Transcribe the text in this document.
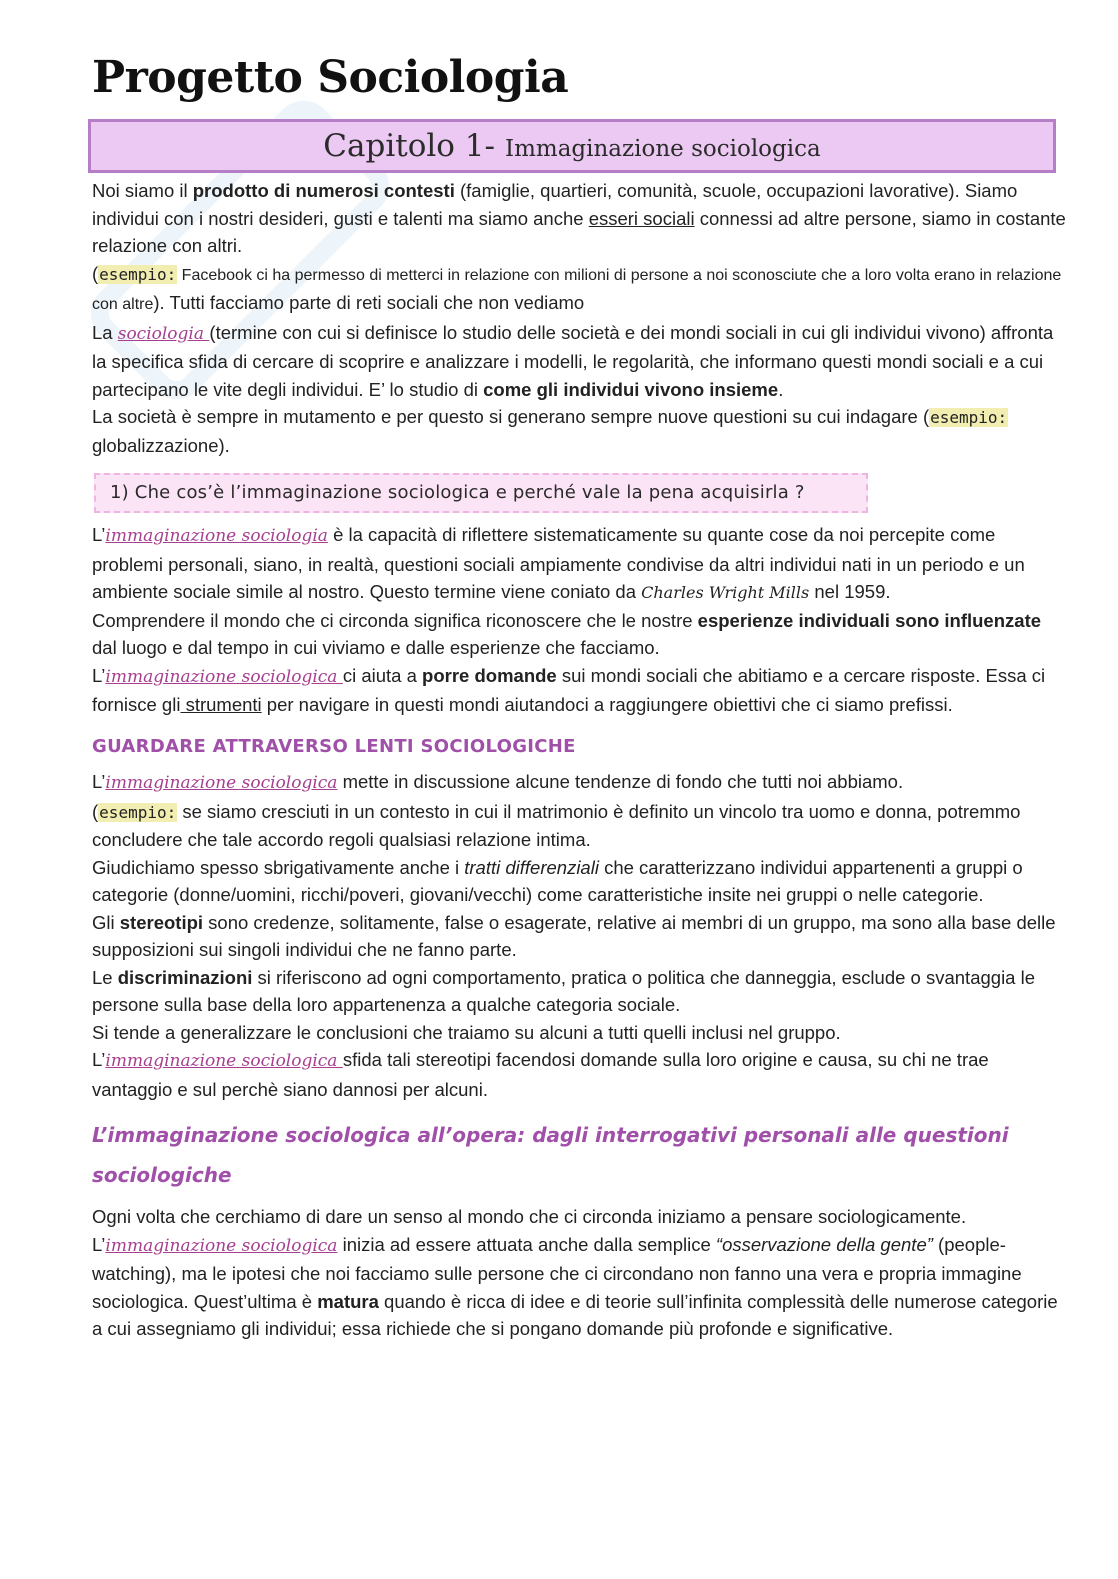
Progetto Sociologia
Capitolo 1- Immaginazione sociologica

Noi siamo il prodotto di numerosi contesti (famiglie, quartieri, comunità, scuole, occupazioni lavorative). Siamo individui con i nostri desideri, gusti e talenti ma siamo anche esseri sociali connessi ad altre persone, siamo in costante relazione con altri.

(esempio: Facebook ci ha permesso di metterci in relazione con milioni di persone a noi sconosciute che a loro volta erano in relazione con altre). Tutti facciamo parte di reti sociali che non vediamo

La sociologia (termine con cui si definisce lo studio delle società e dei mondi sociali in cui gli individui vivono) affronta la specifica sfida di cercare di scoprire e analizzare i modelli, le regolarità, che informano questi mondi sociali e a cui partecipano le vite degli individui. E’ lo studio di come gli individui vivono insieme.

La società è sempre in mutamento e per questo si generano sempre nuove questioni su cui indagare (esempio: globalizzazione).

1) Che cos’è l’immaginazione sociologica e perché vale la pena acquisirla ?

L’immaginazione sociologia è la capacità di riflettere sistematicamente su quante cose da noi percepite come problemi personali, siano, in realtà, questioni sociali ampiamente condivise da altri individui nati in un periodo e un ambiente sociale simile al nostro. Questo termine viene coniato da Charles Wright Mills nel 1959.

Comprendere il mondo che ci circonda significa riconoscere che le nostre esperienze individuali sono influenzate dal luogo e dal tempo in cui viviamo e dalle esperienze che facciamo.

L’immaginazione sociologica ci aiuta a porre domande sui mondi sociali che abitiamo e a cercare risposte. Essa ci fornisce gli strumenti per navigare in questi mondi aiutandoci a raggiungere obiettivi che ci siamo prefissi.

GUARDARE ATTRAVERSO LENTI SOCIOLOGICHE

L’immaginazione sociologica mette in discussione alcune tendenze di fondo che tutti noi abbiamo.

(esempio: se siamo cresciuti in un contesto in cui il matrimonio è definito un vincolo tra uomo e donna, potremmo concludere che tale accordo regoli qualsiasi relazione intima.

Giudichiamo spesso sbrigativamente anche i tratti differenziali che caratterizzano individui appartenenti a gruppi o categorie (donne/uomini, ricchi/poveri, giovani/vecchi) come caratteristiche insite nei gruppi o nelle categorie.

Gli stereotipi sono credenze, solitamente, false o esagerate, relative ai membri di un gruppo, ma sono alla base delle supposizioni sui singoli individui che ne fanno parte.

Le discriminazioni si riferiscono ad ogni comportamento, pratica o politica che danneggia, esclude o svantaggia le persone sulla base della loro appartenenza a qualche categoria sociale.

Si tende a generalizzare le conclusioni che traiamo su alcuni a tutti quelli inclusi nel gruppo.

L’immaginazione sociologica sfida tali stereotipi facendosi domande sulla loro origine e causa, su chi ne trae vantaggio e sul perchè siano dannosi per alcuni.

L’immaginazione sociologica all’opera: dagli interrogativi personali alle questioni sociologiche

Ogni volta che cerchiamo di dare un senso al mondo che ci circonda iniziamo a pensare sociologicamente.

L’immaginazione sociologica inizia ad essere attuata anche dalla semplice “osservazione della gente” (people-watching), ma le ipotesi che noi facciamo sulle persone che ci circondano non fanno una vera e propria immagine sociologica. Quest’ultima è matura quando è ricca di idee e di teorie sull’infinita complessità delle numerose categorie a cui assegniamo gli individui; essa richiede che si pongano domande più profonde e significative.
